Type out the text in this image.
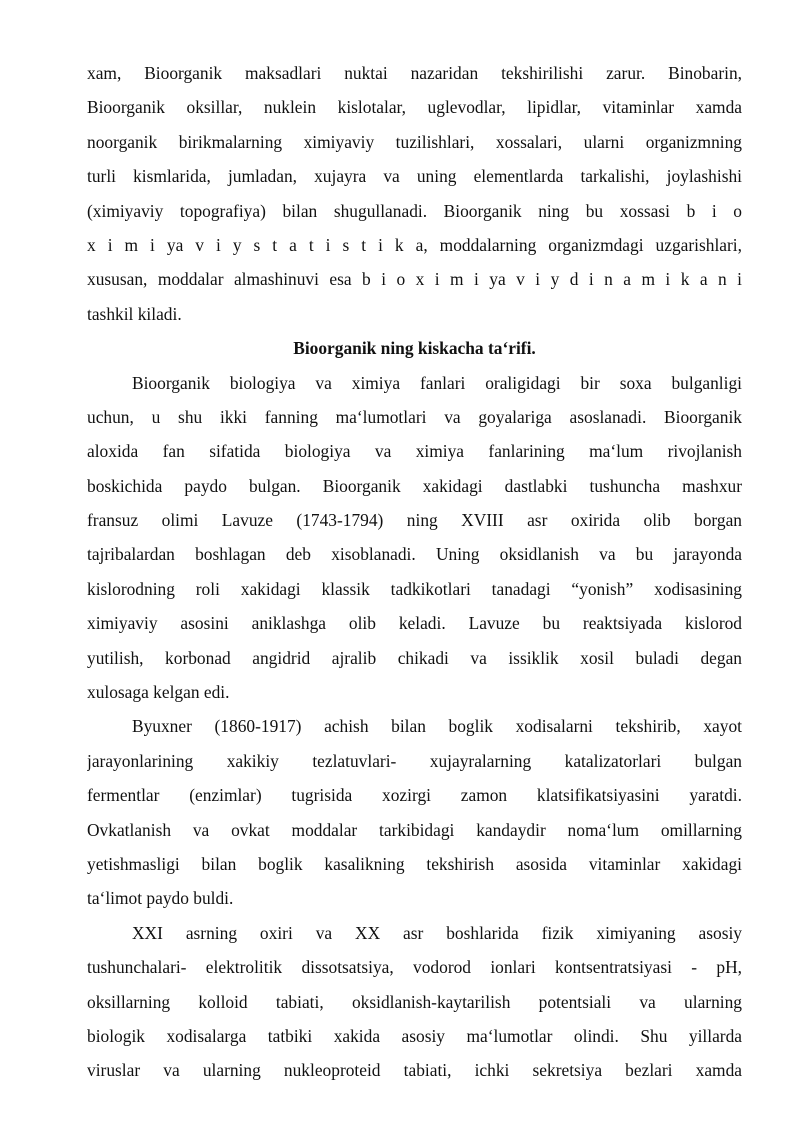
xam, Bioorganik maksadlari nuktai nazaridan tekshirilishi zarur. Binobarin,
Bioorganik oksillar, nuklein kislotalar, uglevodlar, lipidlar, vitaminlar xamda
noorganik birikmalarning ximiyaviy tuzilishlari, xossalari, ularni organizmning
turli kismlarida, jumladan, xujayra va uning elementlarda tarkalishi, joylashishi
(ximiyaviy topografiya) bilan shugullanadi. Bioorganik ning bu xossasi b i o
x i m i ya v i y s t a t i s t i k a, moddalarning organizmdagi uzgarishlari,
xususan, moddalar almashinuvi esa b i o x i m i ya v i y d i n a m i k a n i
tashkil kiladi.
Bioorganik ning kiskacha ta‘rifi.
Bioorganik biologiya va ximiya fanlari oraligidagi bir soxa bulganligi
uchun, u shu ikki fanning ma‘lumotlari va goyalariga asoslanadi. Bioorganik
aloxida fan sifatida biologiya va ximiya fanlarining ma‘lum rivojlanish
boskichida paydo bulgan. Bioorganik xakidagi dastlabki tushuncha mashxur
fransuz olimi Lavuze (1743-1794) ning XVIII asr oxirida olib borgan
tajribalardan boshlagan deb xisoblanadi. Uning oksidlanish va bu jarayonda
kislorodning roli xakidagi klassik tadkikotlari tanadagi “yonish” xodisasining
ximiyaviy asosini aniklashga olib keladi. Lavuze bu reaktsiyada kislorod
yutilish, korbonad angidrid ajralib chikadi va issiklik xosil buladi degan
xulosaga kelgan edi.
Byuxner (1860-1917) achish bilan boglik xodisalarni tekshirib, xayot
jarayonlarining xakikiy tezlatuvlari- xujayralarning katalizatorlari bulgan
fermentlar (enzimlar) tugrisida xozirgi zamon klatsifikatsiyasini yaratdi.
Ovkatlanish va ovkat moddalar tarkibidagi kandaydir noma‘lum omillarning
yetishmasligi bilan boglik kasalikning tekshirish asosida vitaminlar xakidagi
ta‘limot paydo buldi.
XXI asrning oxiri va XX asr boshlarida fizik ximiyaning asosiy
tushunchalari- elektrolitik dissotsatsiya, vodorod ionlari kontsentratsiyasi - pH,
oksillarning kolloid tabiati, oksidlanish-kaytarilish potentsiali va ularning
biologik xodisalarga tatbiki xakida asosiy ma‘lumotlar olindi. Shu yillarda
viruslar va ularning nukleoproteid tabiati, ichki sekretsiya bezlari xamda
